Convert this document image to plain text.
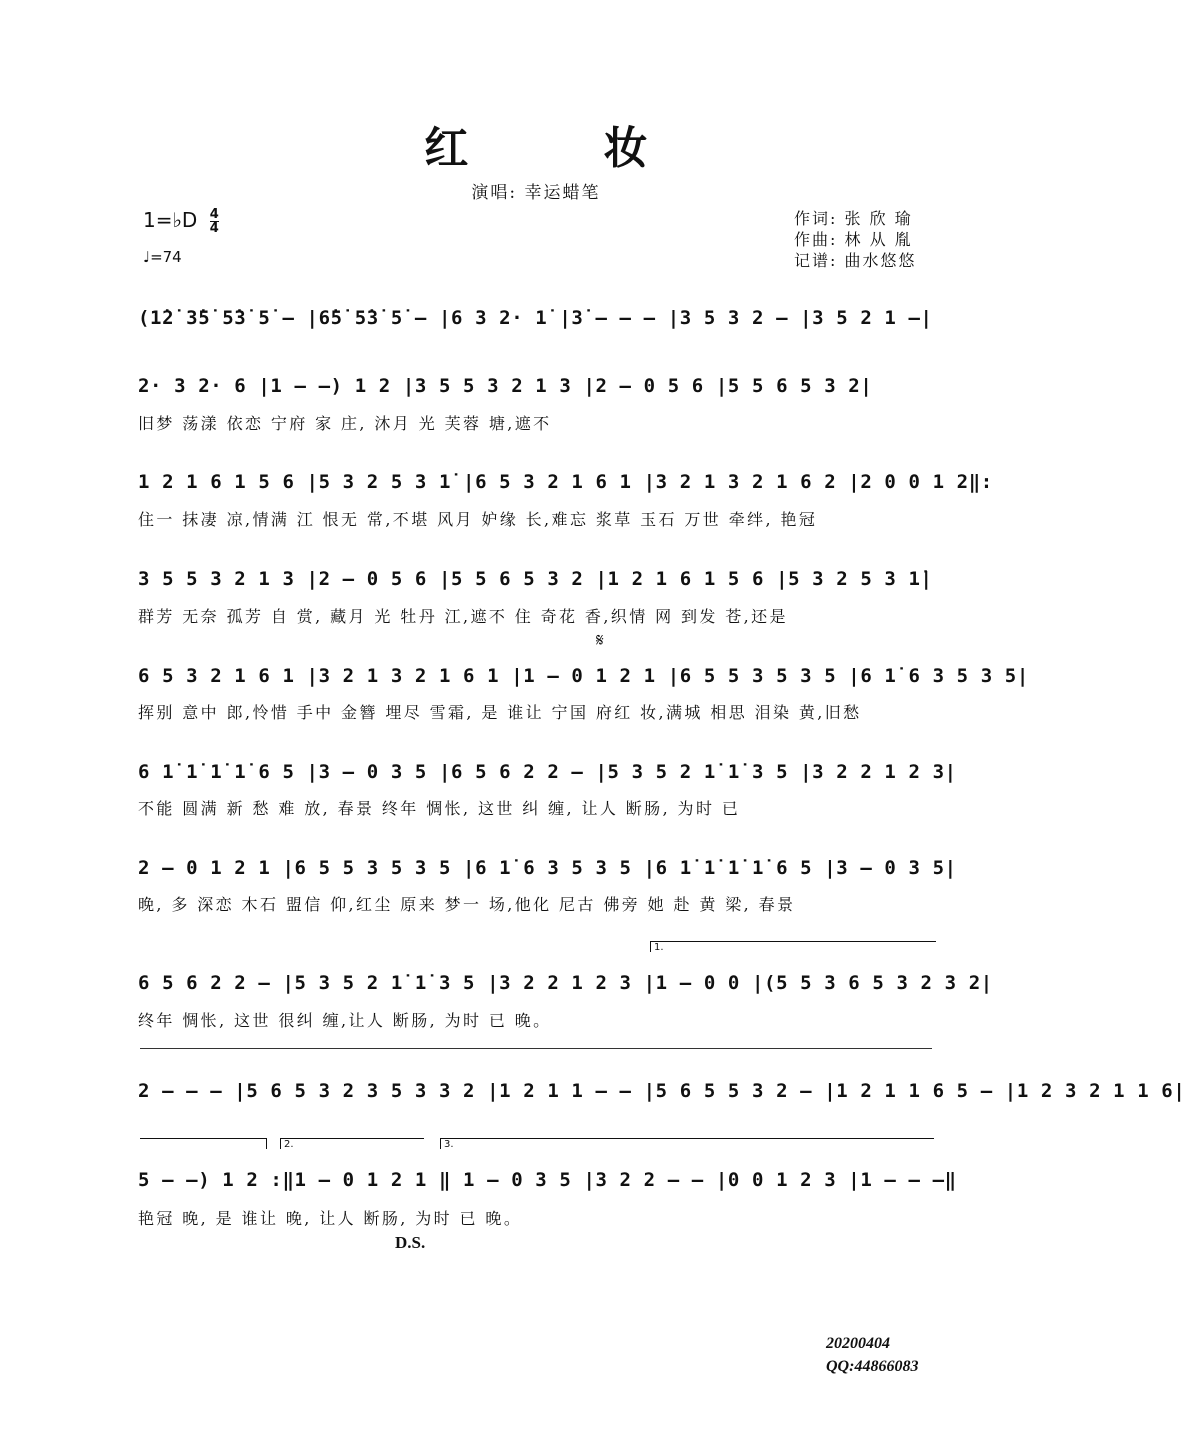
红 妆
演唱: 幸运蜡笔
1=♭D $\frac{4}{4}$
♩=74
作词: 张 欣 瑜
作曲: 林 从 胤
记谱: 曲水悠悠
(1̇2̇ 3̇5̇ 5̇3̇ 5̇ – |6̇5̇ 5̇3̇ 5̇ – |6 3 2· 1̇ |3̇ – – – |3 5 3 2 – |3 5 2 1 –|
2· 3 2· 6 |1 – –) 1 2 |3 5 5 3 2 1 3 |2 – 0 5 6 |5 5 6 5 3 2|
1 2 1 6 1 5 6 |5 3 2 5 3 1̇ |6 5 3 2 1 6 1 |3 2 1 3 2 1 6 2 |2 0 0 1 2‖:
3 5 5 3 2 1 3 |2 – 0 5 6 |5 5 6 5 3 2 |1 2 1 6 1 5 6 |5 3 2 5 3 1̇|
6 5 3 2 1 6 1 |3 2 1 3 2 1 6 1 |1 – 0 1 2 1 |6 5 5 3 5 3 5 |6 1̇ 6 3 5 3 5|
6 1̇ 1̇ 1̇ 1̇ 6 5 |3 – 0 3 5 |6 5 6 2 2 – |5 3 5 2 1̇ 1̇ 3 5 |3 2 2 1 2 3|
2 – 0 1 2 1 |6 5 5 3 5 3 5 |6 1̇ 6 3 5 3 5 |6 1̇ 1̇ 1̇ 1̇ 6 5 |3 – 0 3 5|
6 5 6 2 2 – |5 3 5 2 1̇ 1̇ 3 5 |3 2 2 1 2 3 |1 – 0 0 |(5 5 3 6 5 3 2 3 2|
2 – – – |5 6 5 3 2 3 5 3 3 2 |1 2 1 1 – – |5 6 5 5 3 2 – |1 2 1 1 6 5 – |1 2 3 2 1 1 6|
5 – –) 1 2 :‖1 – 0 1 2 1 ‖ 1 – 0 3 5 |3 2 2 – – |0 0 1 2 3 |1 – – –‖
旧梦 荡漾 依恋 宁府 家 庄, 沐月 光 芙蓉 塘,遮不
住一 抹凄 凉,情满 江 恨无 常,不堪 风月 妒缘 长,难忘 浆草 玉石 万世 牵绊, 艳冠
群芳 无奈 孤芳 自 赏, 藏月 光 牡丹 江,遮不 住 奇花 香,织情 网 到发 苍,还是
挥别 意中 郎,怜惜 手中 金簪 埋尽 雪霜, 是 谁让 宁国 府红 妆,满城 相思 泪染 黄,旧愁
不能 圆满 新 愁 难 放, 春景 终年 惆怅, 这世 纠 缠, 让人 断肠, 为时 已
晚, 多 深恋 木石 盟信 仰,红尘 原来 梦一 场,他化 尼古 佛旁 她 赴 黄 梁, 春景
终年 惆怅, 这世 很纠 缠,让人 断肠, 为时 已 晚。
艳冠 晚, 是 谁让 晚, 让人 断肠, 为时 已 晚。
𝄋
1.
2.	3.
D.S.
20200404
QQ:44866083
